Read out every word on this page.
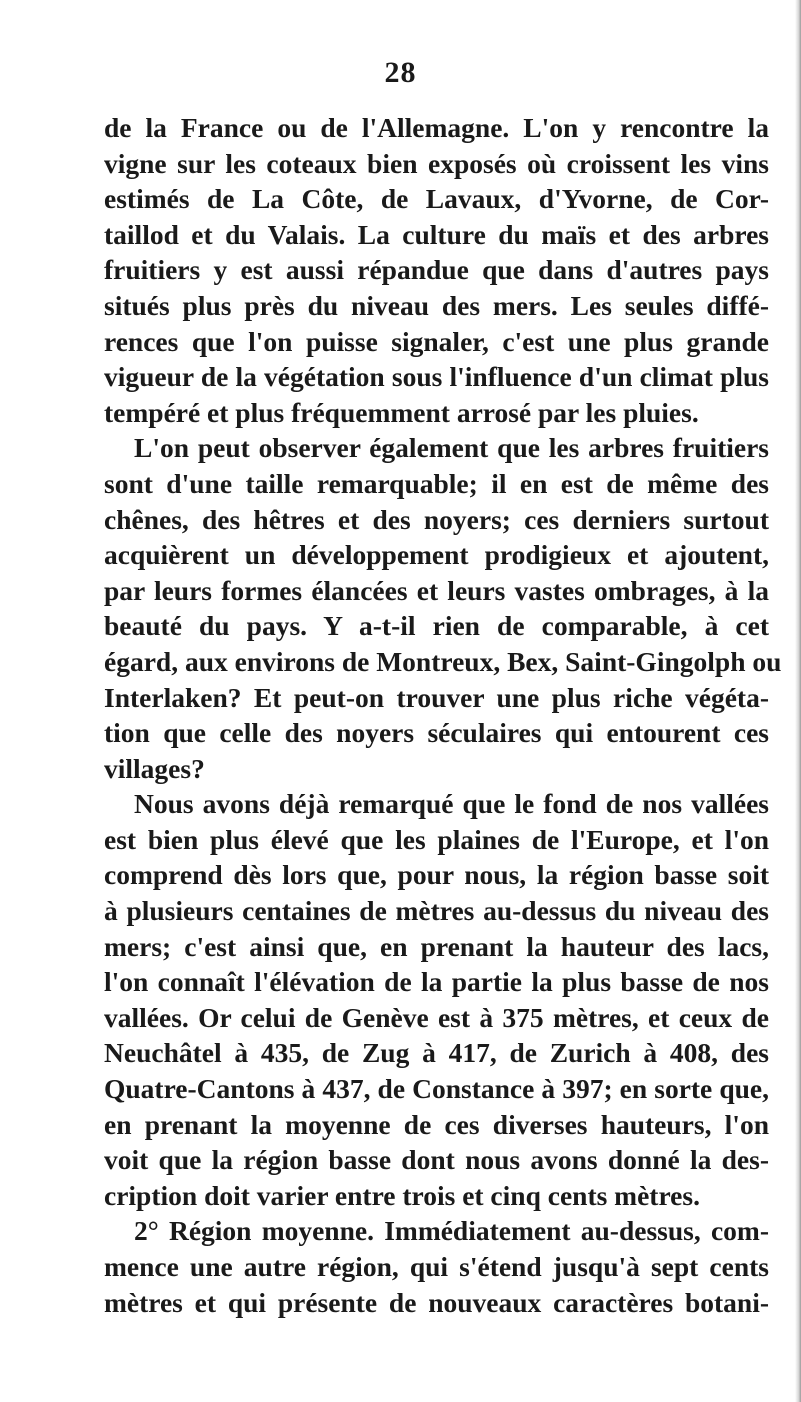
28
de la France ou de l'Allemagne. L'on y rencontre la
vigne sur les coteaux bien exposés où croissent les vins
estimés de La Côte, de Lavaux, d'Yvorne, de Cor-
taillod et du Valais. La culture du maïs et des arbres
fruitiers y est aussi répandue que dans d'autres pays
situés plus près du niveau des mers. Les seules diffé-
rences que l'on puisse signaler, c'est une plus grande
vigueur de la végétation sous l'influence d'un climat plus
tempéré et plus fréquemment arrosé par les pluies.
L'on peut observer également que les arbres fruitiers
sont d'une taille remarquable; il en est de même des
chênes, des hêtres et des noyers; ces derniers surtout
acquièrent un développement prodigieux et ajoutent,
par leurs formes élancées et leurs vastes ombrages, à la
beauté du pays. Y a-t-il rien de comparable, à cet
égard, aux environs de Montreux, Bex, Saint-Gingolph ou
Interlaken? Et peut-on trouver une plus riche végéta-
tion que celle des noyers séculaires qui entourent ces
villages?
Nous avons déjà remarqué que le fond de nos vallées
est bien plus élevé que les plaines de l'Europe, et l'on
comprend dès lors que, pour nous, la région basse soit
à plusieurs centaines de mètres au-dessus du niveau des
mers; c'est ainsi que, en prenant la hauteur des lacs,
l'on connaît l'élévation de la partie la plus basse de nos
vallées. Or celui de Genève est à 375 mètres, et ceux de
Neuchâtel à 435, de Zug à 417, de Zurich à 408, des
Quatre-Cantons à 437, de Constance à 397; en sorte que,
en prenant la moyenne de ces diverses hauteurs, l'on
voit que la région basse dont nous avons donné la des-
cription doit varier entre trois et cinq cents mètres.
2° Région moyenne. Immédiatement au-dessus, com-
mence une autre région, qui s'étend jusqu'à sept cents
mètres et qui présente de nouveaux caractères botani-
